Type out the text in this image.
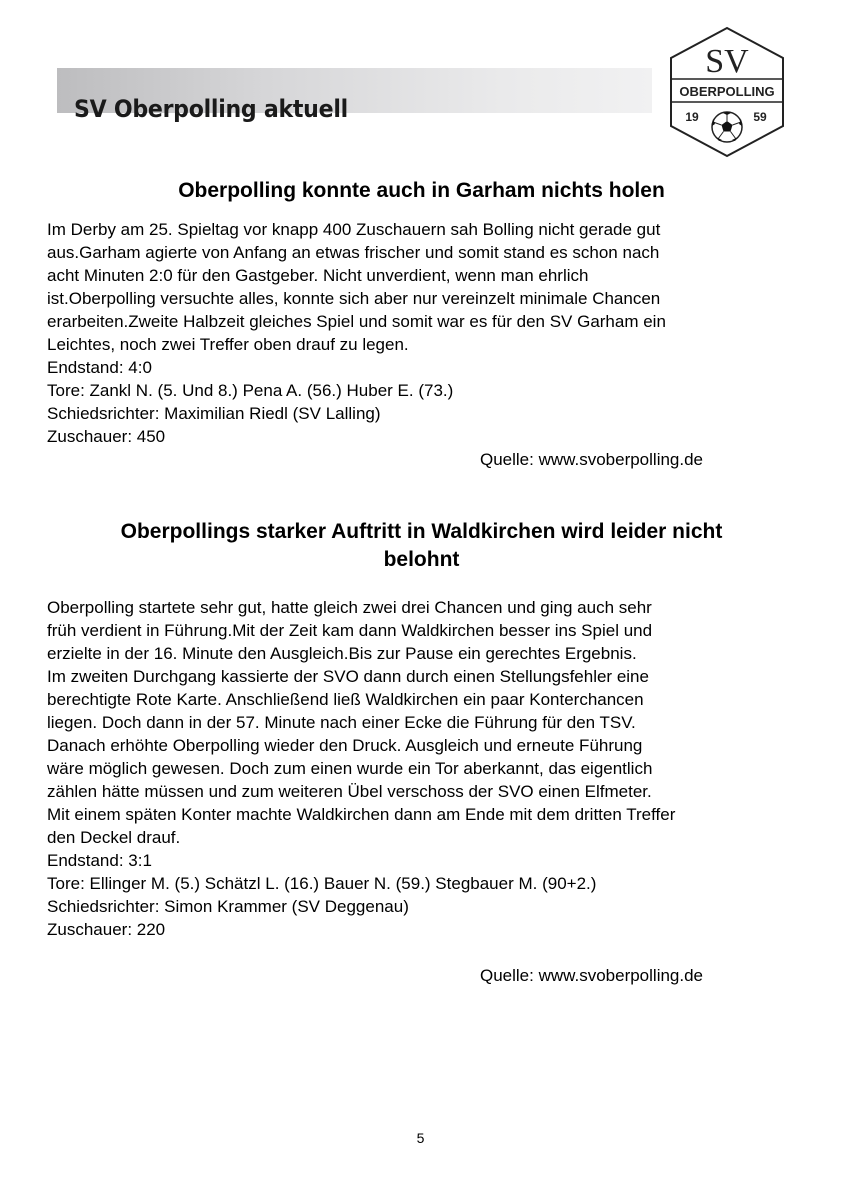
SV Oberpolling aktuell
SV
OBERPOLLING
19	59
Oberpolling konnte auch in Garham nichts holen

Im Derby am 25. Spieltag vor knapp 400 Zuschauern sah Bolling nicht gerade gut

aus.Garham agierte von Anfang an etwas frischer und somit stand es schon nach

acht Minuten 2:0 für den Gastgeber. Nicht unverdient, wenn man ehrlich

ist.Oberpolling versuchte alles, konnte sich aber nur vereinzelt minimale Chancen

erarbeiten.Zweite Halbzeit gleiches Spiel und somit war es für den SV Garham ein

Leichtes, noch zwei Treffer oben drauf zu legen.

Endstand: 4:0

Tore: Zankl N. (5. Und 8.) Pena A. (56.) Huber E. (73.)

Schiedsrichter: Maximilian Riedl (SV Lalling)

Zuschauer: 450

Quelle: www.svoberpolling.de

Oberpollings starker Auftritt in Waldkirchen wird leider nicht
belohnt

Oberpolling startete sehr gut, hatte gleich zwei drei Chancen und ging auch sehr

früh verdient in Führung.Mit der Zeit kam dann Waldkirchen besser ins Spiel und

erzielte in der 16. Minute den Ausgleich.Bis zur Pause ein gerechtes Ergebnis.

Im zweiten Durchgang kassierte der SVO dann durch einen Stellungsfehler eine

berechtigte Rote Karte. Anschließend ließ Waldkirchen ein paar Konterchancen

liegen. Doch dann in der 57. Minute nach einer Ecke die Führung für den TSV.

Danach erhöhte Oberpolling wieder den Druck. Ausgleich und erneute Führung

wäre möglich gewesen. Doch zum einen wurde ein Tor aberkannt, das eigentlich

zählen hätte müssen und zum weiteren Übel verschoss der SVO einen Elfmeter.

Mit einem späten Konter machte Waldkirchen dann am Ende mit dem dritten Treffer

den Deckel drauf.

Endstand: 3:1

Tore: Ellinger M. (5.) Schätzl L. (16.) Bauer N. (59.) Stegbauer M. (90+2.)

Schiedsrichter: Simon Krammer (SV Deggenau)

Zuschauer: 220

Quelle: www.svoberpolling.de

5
